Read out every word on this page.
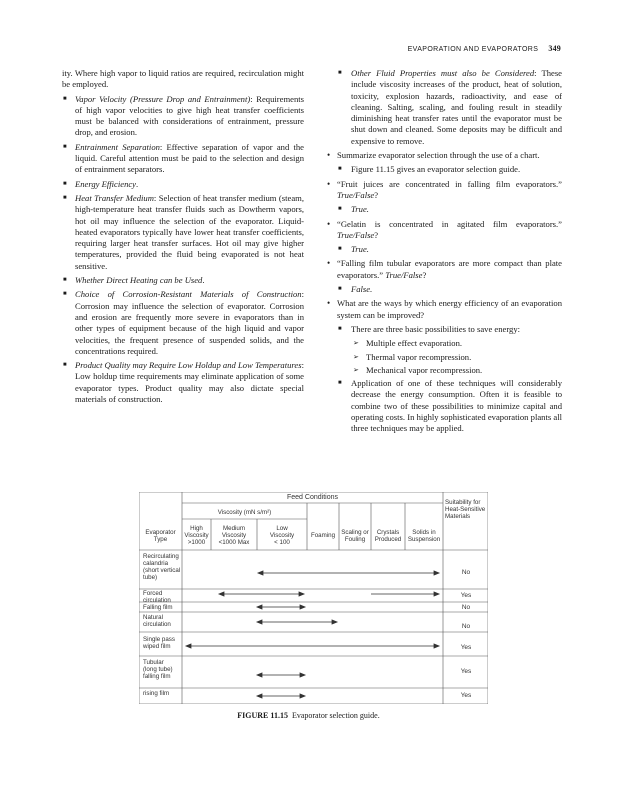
EVAPORATION AND EVAPORATORS 349
ity. Where high vapor to liquid ratios are required, recirculation might be employed.
■ Vapor Velocity (Pressure Drop and Entrainment): Requirements of high vapor velocities to give high heat transfer coefficients must be balanced with considerations of entrainment, pressure drop, and erosion.
■ Entrainment Separation: Effective separation of vapor and the liquid. Careful attention must be paid to the selection and design of entrainment separators.
■ Energy Efficiency.
■ Heat Transfer Medium: Selection of heat transfer medium (steam, high-temperature heat transfer fluids such as Dowtherm vapors, hot oil may influence the selection of the evaporator. Liquid-heated evaporators typically have lower heat transfer coefficients, requiring larger heat transfer surfaces. Hot oil may give higher temperatures, provided the fluid being evaporated is not heat sensitive.
■ Whether Direct Heating can be Used.
■ Choice of Corrosion-Resistant Materials of Construction: Corrosion may influence the selection of evaporator. Corrosion and erosion are frequently more severe in evaporators than in other types of equipment because of the high liquid and vapor velocities, the frequent presence of suspended solids, and the concentrations required.
■ Product Quality may Require Low Holdup and Low Temperatures: Low holdup time requirements may eliminate application of some evaporator types. Product quality may also dictate special materials of construction.
■ Other Fluid Properties must also be Considered: These include viscosity increases of the product, heat of solution, toxicity, explosion hazards, radioactivity, and ease of cleaning. Salting, scaling, and fouling result in steadily diminishing heat transfer rates until the evaporator must be shut down and cleaned. Some deposits may be difficult and expensive to remove.
• Summarize evaporator selection through the use of a chart.
■ Figure 11.15 gives an evaporator selection guide.
• “Fruit juices are concentrated in falling film evaporators.” True/False?
■ True.
• “Gelatin is concentrated in agitated film evaporators.” True/False?
■ True.
• “Falling film tubular evaporators are more compact than plate evaporators.” True/False?
■ False.
• What are the ways by which energy efficiency of an evaporation system can be improved?
■ There are three basic possibilities to save energy:
➢ Multiple effect evaporation.
➢ Thermal vapor recompression.
➢ Mechanical vapor recompression.
■ Application of one of these techniques will considerably decrease the energy consumption. Often it is feasible to combine two of these possibilities to minimize capital and operating costs. In highly sophisticated evaporation plants all three techniques may be applied.
Feed Conditions
Viscosity (mN s/m²)
Suitability for
Heat-Sensitive
Materials
Evaporator
Type
High
Viscosity
>1000
Medium
Viscosity
<1000 Max
Low
Viscosity
< 100
Foaming	Scaling or
Fouling
Crystals
Produced
Solids in
Suspension
Recirculating
calandria
(short vertical
tube)
Forced
circulation
Falling film
Natural
circulation
Single pass
wiped film
Tubular
(long tube)
falling film
rising film
No
Yes
No
No
Yes
Yes
Yes
FIGURE 11.15 Evaporator selection guide.
